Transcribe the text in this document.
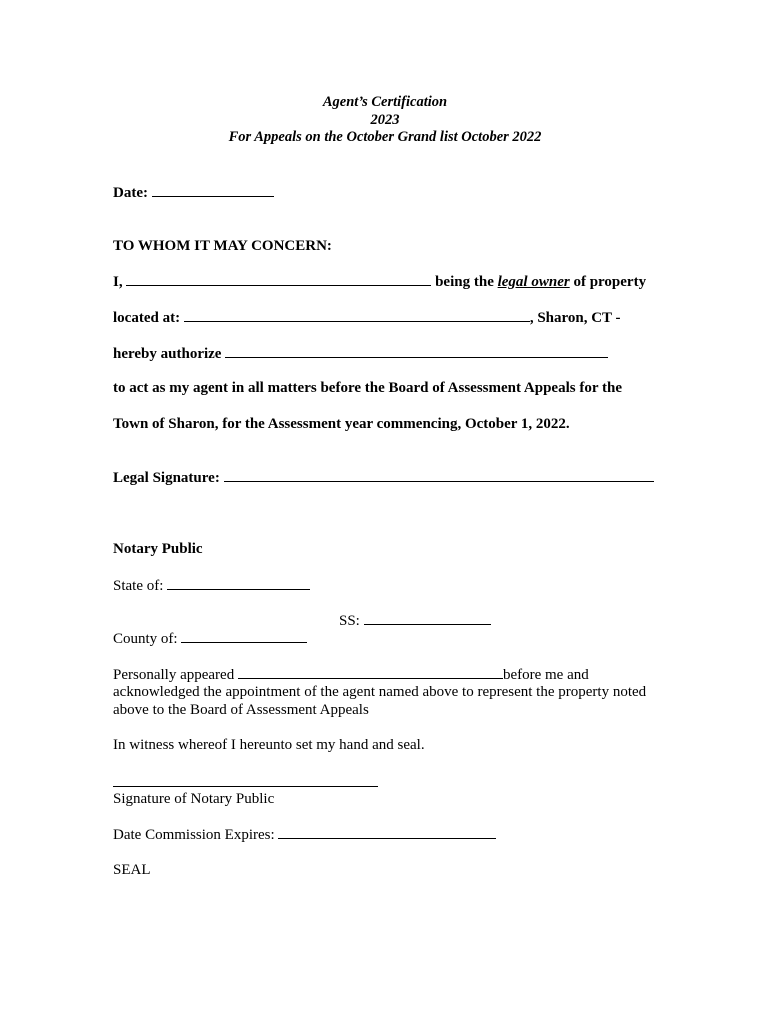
Agent’s Certification
2023
For Appeals on the October Grand list October 2022
Date:
TO WHOM IT MAY CONCERN:
I,	being the legal owner of property
located at:	, Sharon, CT -
hereby authorize
to act as my agent in all matters before the Board of Assessment Appeals for the
Town of Sharon, for the Assessment year commencing, October 1, 2022.
Legal Signature:
Notary Public
State of:
SS:
County of:
Personally appeared	before me and
acknowledged the appointment of the agent named above to represent the property noted
above to the Board of Assessment Appeals
In witness whereof I hereunto set my hand and seal.
Signature of Notary Public
Date Commission Expires:
SEAL
